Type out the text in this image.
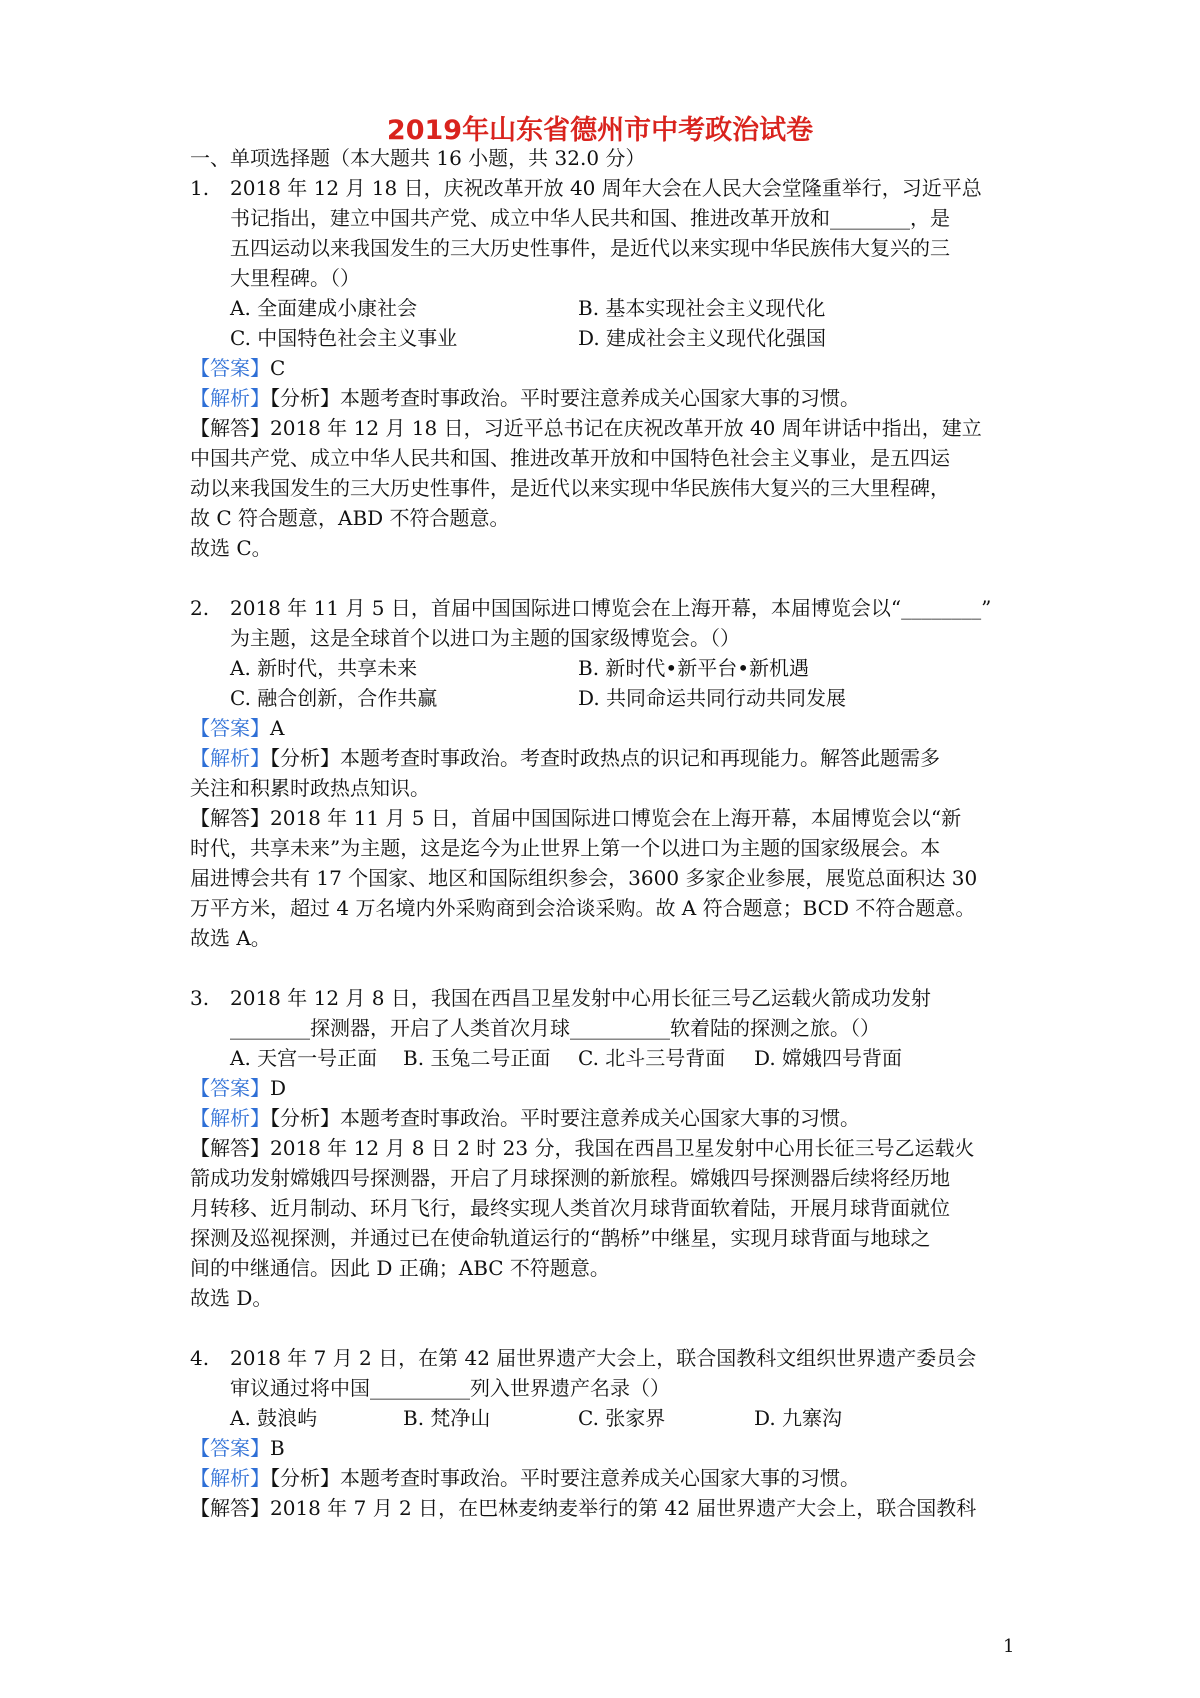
2019年山东省德州市中考政治试卷
一、单项选择题（本大题共 16 小题，共 32.0 分）
1. 2018 年 12 月 18 日，庆祝改革开放 40 周年大会在人民大会堂隆重举行，习近平总
书记指出，建立中国共产党、成立中华人民共和国、推进改革开放和________，是
五四运动以来我国发生的三大历史性事件，是近代以来实现中华民族伟大复兴的三
大里程碑。（）
A. 全面建成小康社会	B. 基本实现社会主义现代化
C. 中国特色社会主义事业	D. 建成社会主义现代化强国
【答案】C
【解析】【分析】本题考查时事政治。平时要注意养成关心国家大事的习惯。
【解答】2018 年 12 月 18 日，习近平总书记在庆祝改革开放 40 周年讲话中指出，建立
中国共产党、成立中华人民共和国、推进改革开放和中国特色社会主义事业，是五四运
动以来我国发生的三大历史性事件，是近代以来实现中华民族伟大复兴的三大里程碑，
故 C 符合题意，ABD 不符合题意。
故选 C。
2. 2018 年 11 月 5 日，首届中国国际进口博览会在上海开幕，本届博览会以“________”
为主题，这是全球首个以进口为主题的国家级博览会。（）
A. 新时代，共享未来	B. 新时代•新平台•新机遇
C. 融合创新，合作共赢	D. 共同命运共同行动共同发展
【答案】A
【解析】【分析】本题考查时事政治。考查时政热点的识记和再现能力。解答此题需多
关注和积累时政热点知识。
【解答】2018 年 11 月 5 日，首届中国国际进口博览会在上海开幕，本届博览会以“新
时代，共享未来”为主题，这是迄今为止世界上第一个以进口为主题的国家级展会。本
届进博会共有 17 个国家、地区和国际组织参会，3600 多家企业参展，展览总面积达 30
万平方米，超过 4 万名境内外采购商到会洽谈采购。故 A 符合题意；BCD 不符合题意。
故选 A。
3. 2018 年 12 月 8 日，我国在西昌卫星发射中心用长征三号乙运载火箭成功发射
________探测器，开启了人类首次月球__________软着陆的探测之旅。（）
A. 天宫一号正面 B. 玉兔二号正面 C. 北斗三号背面 D. 嫦娥四号背面
【答案】D
【解析】【分析】本题考查时事政治。平时要注意养成关心国家大事的习惯。
【解答】2018 年 12 月 8 日 2 时 23 分，我国在西昌卫星发射中心用长征三号乙运载火
箭成功发射嫦娥四号探测器，开启了月球探测的新旅程。嫦娥四号探测器后续将经历地
月转移、近月制动、环月飞行，最终实现人类首次月球背面软着陆，开展月球背面就位
探测及巡视探测，并通过已在使命轨道运行的“鹊桥”中继星，实现月球背面与地球之
间的中继通信。因此 D 正确；ABC 不符题意。
故选 D。
4. 2018 年 7 月 2 日，在第 42 届世界遗产大会上，联合国教科文组织世界遗产委员会
审议通过将中国__________列入世界遗产名录（）
A. 鼓浪屿	B. 梵净山	C. 张家界	D. 九寨沟
【答案】B
【解析】【分析】本题考查时事政治。平时要注意养成关心国家大事的习惯。
【解答】2018 年 7 月 2 日，在巴林麦纳麦举行的第 42 届世界遗产大会上，联合国教科
1
